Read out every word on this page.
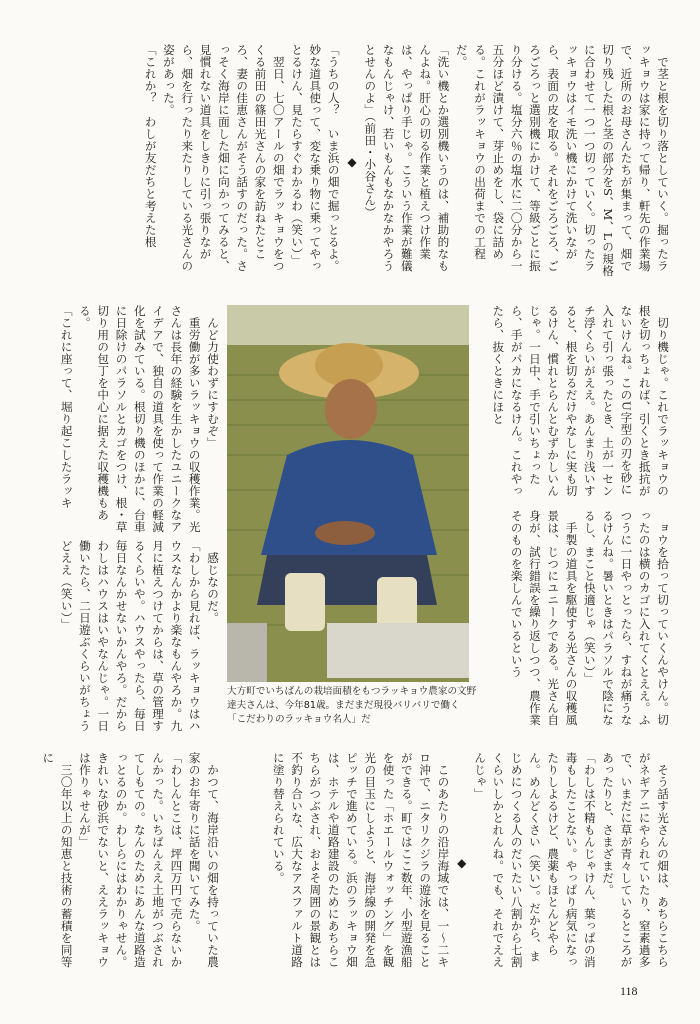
で茎と根を切り落としていく。掘ったラッキョウは家に持って帰り、軒先の作業場で、近所のお母さんたちが集まって、畑で切り残した根と茎の部分をS、M、Lの規格に合わせて一つ一つ切っていく。切ったラッキョウはイモ洗い機にかけて洗いながら、表面の皮を取る。それをごろごろ、ごろごろっと選別機にかけて、等級ごとに振り分ける。塩分六％の塩水に二〇分から一五分ほど漬けて、芽止めをし、袋に詰める。これがラッキョウの出荷までの工程だ。

「洗い機とか選別機いうのは、補助的なもんよね。肝心の切る作業と植えつけ作業は、やっぱり手じゃ。こういう作業が難儀なもんじゃけ、若いもんもなかなかやろうとせんのよ」（前田・小谷さん）

◆

「うちの人？　いま浜の畑で掘っとるよ。妙な道具使って、変な乗り物に乗ってやっとるけん、見たらすぐわかるわ（笑い）」

翌日、七〇アールの畑でラッキョウをつくる前田の篠田光さんの家を訪ねたところ、妻の佳恵さんがそう話すのだった。さっそく海岸に面した畑に向かってみると、見慣れない道具をしきりに引っ張りながら、畑を行ったり来たりしている光さんの姿があった。

「これか？　わしが友だちと考えた根

切り機じゃ。これでラッキョウの根を切っちょれば、引くとき抵抗がないけんね。このU字型の刃を砂に入れて引っ張ったとき、土が一センチ浮くらいがええ。あんまり浅いすると、根を切るだけやなしに実も切るけん、慣れとらんとむずかしいんじゃ。一日中、手で引いちょったら、手がパカになるけん。これやったら、抜くときにほと

んど力使わずにすむぞ」

重労働が多いラッキョウの収穫作業。光さんは長年の経験を生かしたユニークなアイデアで、独自の道具を使って作業の軽減化を試みている。根切り機のほかに、台車に日除けのパラソルとカゴをつけ、根・草切り用の包丁を中心に据えた収穫機もある。

「これに座って、堀り起こしたラッキ

ョウを拾って切っていくんやけん。切ったのは横のカゴに入れてくとええ。ふつうに一日やっとったら、すねが痛うなるけんね。暑いときはパラソルで陰になるし、まこと快適じゃ（笑い）」

手製の道具を駆使する光さんの収穫風景は、じつにユニークである。光さん自身が、試行錯誤を繰り返しつつ、農作業そのものを楽しんでいるという

感じなのだ。

「わしから見れば、ラッキョウはハウスなんかより楽なもんやろか。九月に植えつけてからは、草の管理するくらいや。ハウスやったら、毎日毎日なんかせないかんやろ。だからわしはハウスはいやなんじゃ。一日働いたら、二日遊ぶくらいがちょうどええ（笑い）」

そう話す光さんの畑は、あちらこちらがネギアニにやられていたり、窒素過多で、いまだに草が青々しているところがあったりと、さまざまだ。

「わしは不精もんじゃけん、葉っぱの消毒もしたことない。やっぱり病気になったりしよるけど、農薬もほとんどやらん。めんどくさい（笑い）。だから、まじめにつくる人のだいたい八割から七割くらいしかとれんね。でも、それでええんじゃ」

◆

このあたりの沿岸海域では、一〜二キロ沖で、ニタリクジラの遊泳を見ることができる。町ではここ数年、小型遊漁船を使った「ホエールウォッチング」を観光の目玉にしようと、海岸線の開発を急ピッチで進めている。浜のラッキョウ畑は、ホテルや道路建設のためにあちらこちらがつぶされ、およそ周囲の景観とは不釣り合いな、広大なアスファルト道路に塗り替えられている。

かつて、海岸沿いの畑を持っていた農家のお年寄りに話を聞いてみた。

「わしんとこは、坪四万円で売らないかんかった。いちばんええ土地がつぶされてしもての。なんのためにあんな道路造っとるのか。わしらにはわかりゃせん。きれいな砂浜でないと、ええラッキョウは作りゃせんが」

三〇年以上の知恵と技術の蓄積を同等に

大方町でいちばんの栽培面積をもつラッキョウ農家の文野達夫さんは、今年81歳。まだまだ現役バリバリで働く「こだわりのラッキョウ名人」だ
118
